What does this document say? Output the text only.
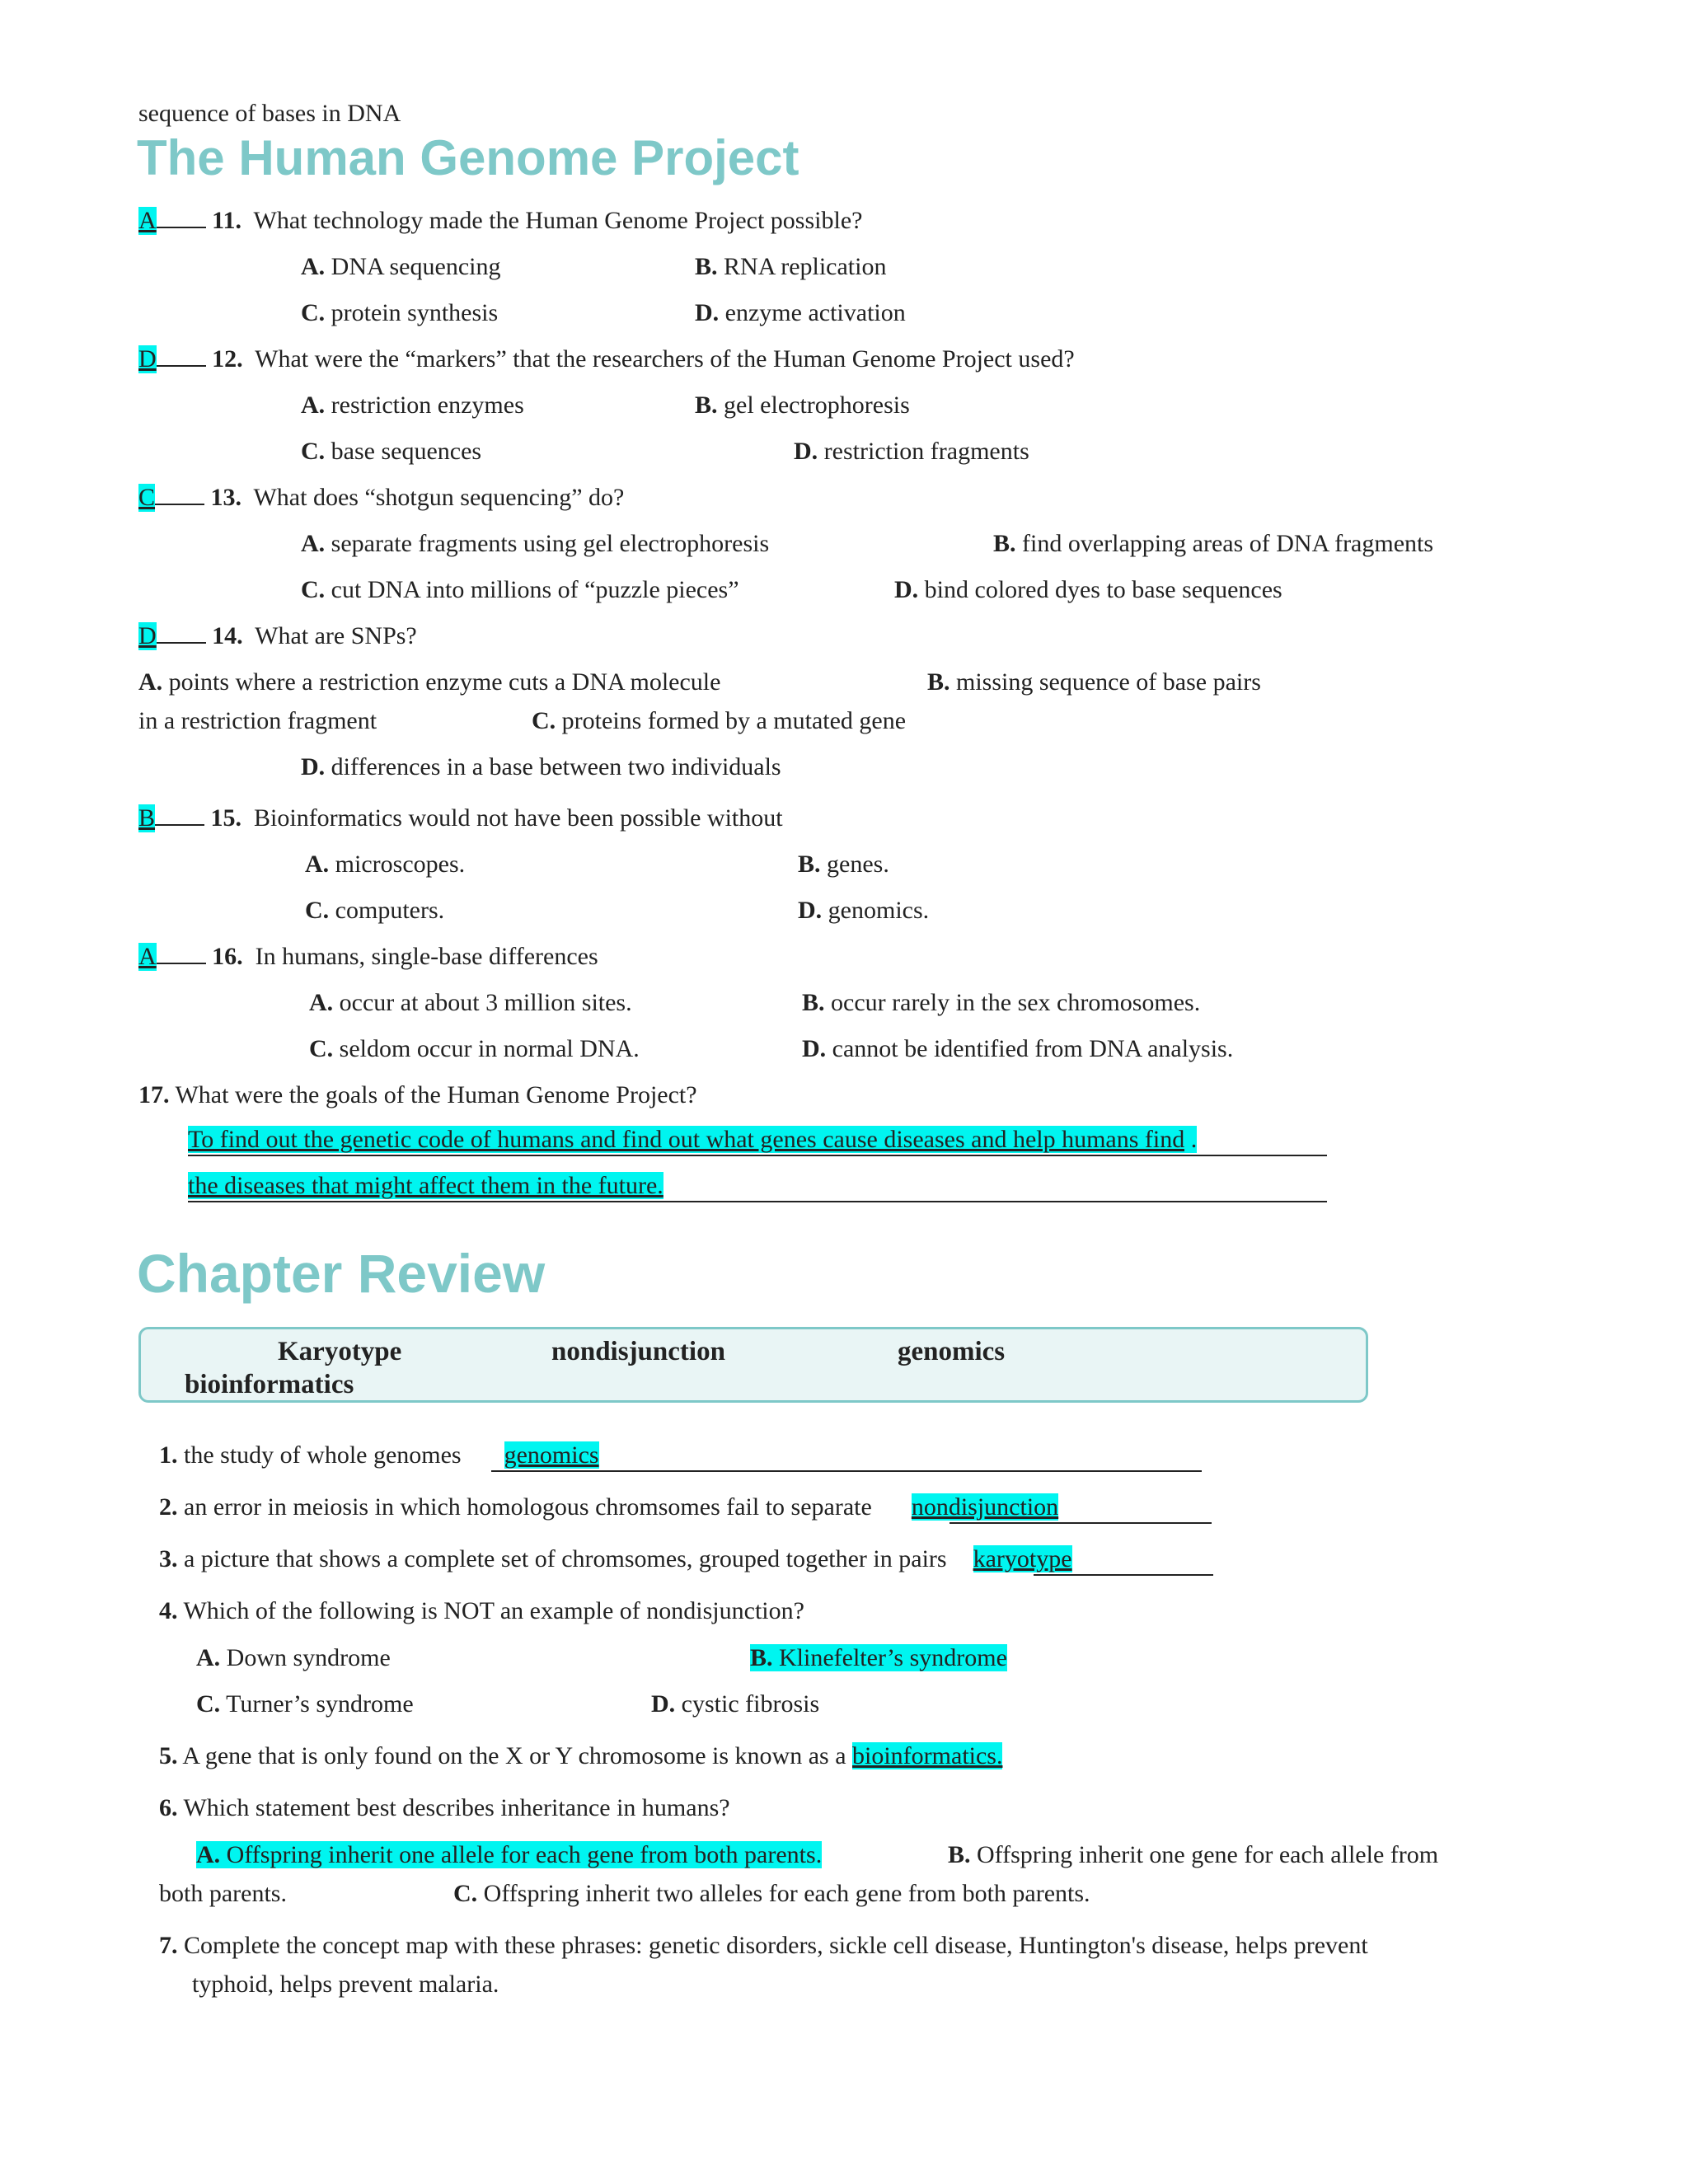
sequence of bases in DNA
The Human Genome Project
A 11. What technology made the Human Genome Project possible?
A. DNA sequencing	B. RNA replication
C. protein synthesis	D. enzyme activation
D 12. What were the “markers” that the researchers of the Human Genome Project used?
A. restriction enzymes	B. gel electrophoresis
C. base sequences	D. restriction fragments
C 13. What does “shotgun sequencing” do?
A. separate fragments using gel electrophoresis	B. find overlapping areas of DNA fragments
C. cut DNA into millions of “puzzle pieces”	D. bind colored dyes to base sequences
D 14. What are SNPs?
A. points where a restriction enzyme cuts a DNA molecule	B. missing sequence of base pairs
in a restriction fragment	C. proteins formed by a mutated gene
D. differences in a base between two individuals
B 15. Bioinformatics would not have been possible without
A. microscopes.	B. genes.
C. computers.	D. genomics.
A 16. In humans, single-base differences
A. occur at about 3 million sites.	B. occur rarely in the sex chromosomes.
C. seldom occur in normal DNA.	D. cannot be identified from DNA analysis.
17. What were the goals of the Human Genome Project?
To find out the genetic code of humans and find out what genes cause diseases and help humans find .
the diseases that might affect them in the future.
Chapter Review
Karyotype	nondisjunction	genomics
bioinformatics
1. the study of whole genomes genomics
2. an error in meiosis in which homologous chromsomes fail to separate nondisjunction
3. a picture that shows a complete set of chromsomes, grouped together in pairs karyotype
4. Which of the following is NOT an example of nondisjunction?
A. Down syndrome	B. Klinefelter’s syndrome
C. Turner’s syndrome	D. cystic fibrosis
5. A gene that is only found on the X or Y chromosome is known as a bioinformatics.
6. Which statement best describes inheritance in humans?
A. Offspring inherit one allele for each gene from both parents.	B. Offspring inherit one gene for each allele from
both parents.	C. Offspring inherit two alleles for each gene from both parents.
7. Complete the concept map with these phrases: genetic disorders, sickle cell disease, Huntington's disease, helps prevent
typhoid, helps prevent malaria.
